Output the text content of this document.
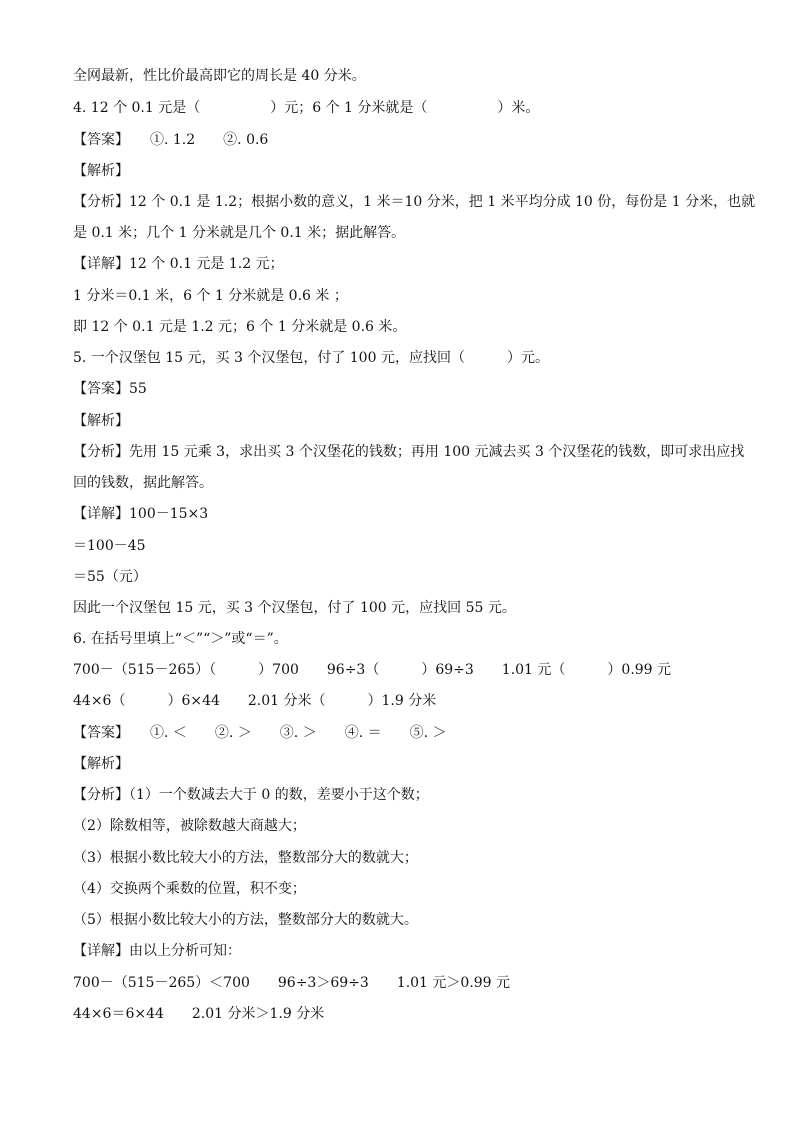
全网最新，性比价最高即它的周长是 40 分米。
4. 12 个 0.1 元是（　　　　　）元；6 个 1 分米就是（　　　　　）米。
【答案】　　①. 1.2　　②. 0.6
【解析】
【分析】12 个 0.1 是 1.2；根据小数的意义，1 米＝10 分米，把 1 米平均分成 10 份，每份是 1 分米，也就
是 0.1 米；几个 1 分米就是几个 0.1 米；据此解答。
【详解】12 个 0.1 元是 1.2 元；
1 分米＝0.1 米，6 个 1 分米就是 0.6 米 ；
即 12 个 0.1 元是 1.2 元；6 个 1 分米就是 0.6 米。
5. 一个汉堡包 15 元，买 3 个汉堡包，付了 100 元，应找回（　　　）元。
【答案】55
【解析】
【分析】先用 15 元乘 3，求出买 3 个汉堡花的钱数；再用 100 元减去买 3 个汉堡花的钱数，即可求出应找
回的钱数，据此解答。
【详解】100－15×3
＝100－45
＝55（元）
因此一个汉堡包 15 元，买 3 个汉堡包，付了 100 元，应找回 55 元。
6. 在括号里填上“＜”“＞”或“＝”。
700－（515－265）（　　　）700　　96÷3（　　　）69÷3　　1.01 元（　　　）0.99 元
44×6（　　　）6×44　　2.01 分米（　　　）1.9 分米
【答案】　　①. ＜　　②. ＞　　③. ＞　　④. ＝　　⑤. ＞
【解析】
【分析】（1）一个数减去大于 0 的数，差要小于这个数；
（2）除数相等，被除数越大商越大；
（3）根据小数比较大小的方法，整数部分大的数就大；
（4）交换两个乘数的位置，积不变；
（5）根据小数比较大小的方法，整数部分大的数就大。
【详解】由以上分析可知：
700－（515－265）＜700　　96÷3＞69÷3　　1.01 元＞0.99 元
44×6＝6×44　　2.01 分米＞1.9 分米
